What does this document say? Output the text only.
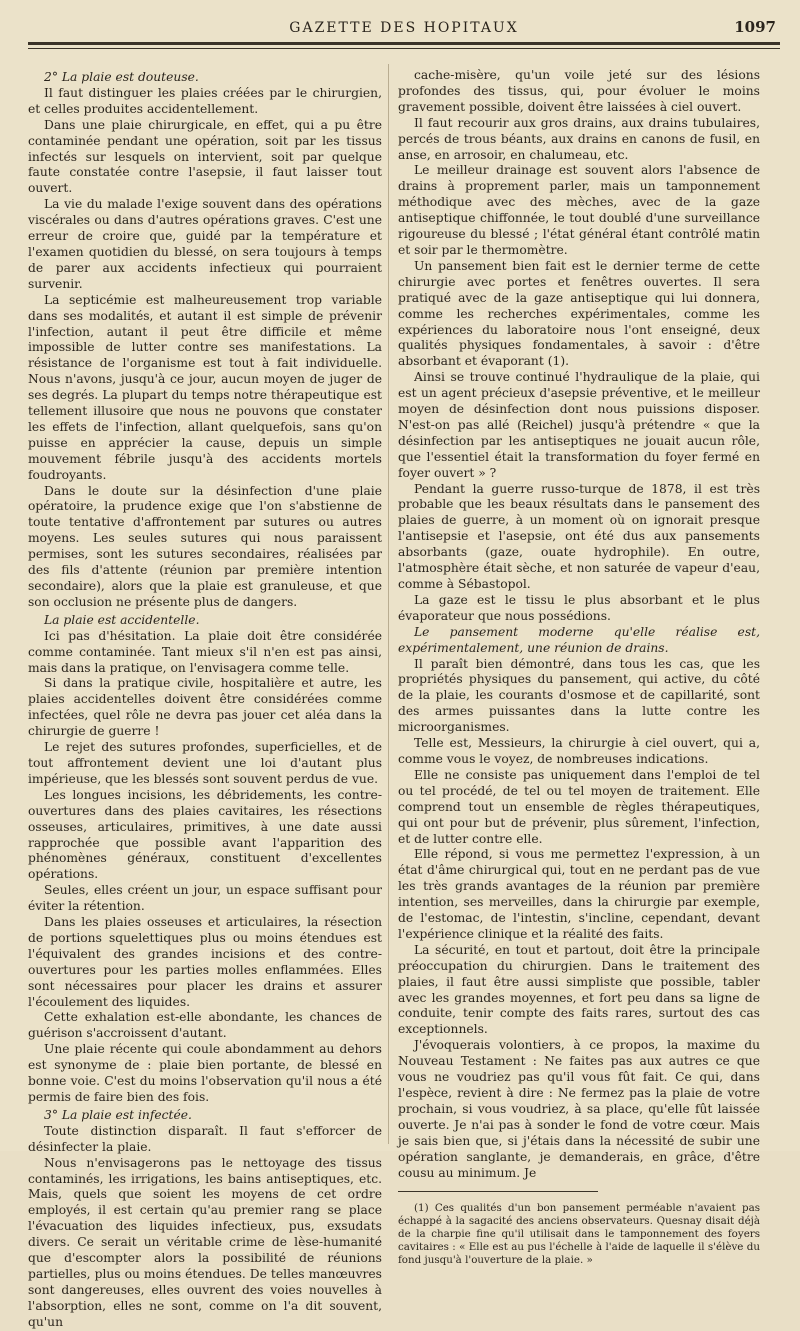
GAZETTE DES HOPITAUX	1097

2° La plaie est douteuse.

Il faut distinguer les plaies créées par le chirurgien, et celles produites accidentellement.

Dans une plaie chirurgicale, en effet, qui a pu être contaminée pendant une opération, soit par les tissus infectés sur lesquels on intervient, soit par quelque faute constatée contre l'asepsie, il faut laisser tout ouvert.

La vie du malade l'exige souvent dans des opérations viscérales ou dans d'autres opérations graves. C'est une erreur de croire que, guidé par la température et l'examen quotidien du blessé, on sera toujours à temps de parer aux accidents infectieux qui pourraient survenir.

La septicémie est malheureusement trop variable dans ses modalités, et autant il est simple de prévenir l'infection, autant il peut être difficile et même impossible de lutter contre ses manifestations. La résistance de l'organisme est tout à fait individuelle. Nous n'avons, jusqu'à ce jour, aucun moyen de juger de ses degrés. La plupart du temps notre thérapeutique est tellement illusoire que nous ne pouvons que constater les effets de l'infection, allant quelquefois, sans qu'on puisse en apprécier la cause, depuis un simple mouvement fébrile jusqu'à des accidents mortels foudroyants.

Dans le doute sur la désinfection d'une plaie opératoire, la prudence exige que l'on s'abstienne de toute tentative d'affrontement par sutures ou autres moyens. Les seules sutures qui nous paraissent permises, sont les sutures secondaires, réalisées par des fils d'attente (réunion par première intention secondaire), alors que la plaie est granuleuse, et que son occlusion ne présente plus de dangers.

La plaie est accidentelle.

Ici pas d'hésitation. La plaie doit être considérée comme contaminée. Tant mieux s'il n'en est pas ainsi, mais dans la pratique, on l'envisagera comme telle.

Si dans la pratique civile, hospitalière et autre, les plaies accidentelles doivent être considérées comme infectées, quel rôle ne devra pas jouer cet aléa dans la chirurgie de guerre !

Le rejet des sutures profondes, superficielles, et de tout affrontement devient une loi d'autant plus impérieuse, que les blessés sont souvent perdus de vue.

Les longues incisions, les débridements, les contre-ouvertures dans des plaies cavitaires, les résections osseuses, articulaires, primitives, à une date aussi rapprochée que possible avant l'apparition des phénomènes généraux, constituent d'excellentes opérations.

Seules, elles créent un jour, un espace suffisant pour éviter la rétention.

Dans les plaies osseuses et articulaires, la résection de portions squelettiques plus ou moins étendues est l'équivalent des grandes incisions et des contre-ouvertures pour les parties molles enflammées. Elles sont nécessaires pour placer les drains et assurer l'écoulement des liquides.

Cette exhalation est-elle abondante, les chances de guérison s'accroissent d'autant.

Une plaie récente qui coule abondamment au dehors est synonyme de : plaie bien portante, de blessé en bonne voie. C'est du moins l'observation qu'il nous a été permis de faire bien des fois.

3° La plaie est infectée.

Toute distinction disparaît. Il faut s'efforcer de désinfecter la plaie.

Nous n'envisagerons pas le nettoyage des tissus contaminés, les irrigations, les bains antiseptiques, etc. Mais, quels que soient les moyens de cet ordre employés, il est certain qu'au premier rang se place l'évacuation des liquides infectieux, pus, exsudats divers. Ce serait un véritable crime de lèse-humanité que d'escompter alors la possibilité de réunions partielles, plus ou moins étendues. De telles manœuvres sont dangereuses, elles ouvrent des voies nouvelles à l'absorption, elles ne sont, comme on l'a dit souvent, qu'un

cache-misère, qu'un voile jeté sur des lésions profondes des tissus, qui, pour évoluer le moins gravement possible, doivent être laissées à ciel ouvert.

Il faut recourir aux gros drains, aux drains tubulaires, percés de trous béants, aux drains en canons de fusil, en anse, en arrosoir, en chalumeau, etc.

Le meilleur drainage est souvent alors l'absence de drains à proprement parler, mais un tamponnement méthodique avec des mèches, avec de la gaze antiseptique chiffonnée, le tout doublé d'une surveillance rigoureuse du blessé ; l'état général étant contrôlé matin et soir par le thermomètre.

Un pansement bien fait est le dernier terme de cette chirurgie avec portes et fenêtres ouvertes. Il sera pratiqué avec de la gaze antiseptique qui lui donnera, comme les recherches expérimentales, comme les expériences du laboratoire nous l'ont enseigné, deux qualités physiques fondamentales, à savoir : d'être absorbant et évaporant (1).

Ainsi se trouve continué l'hydraulique de la plaie, qui est un agent précieux d'asepsie préventive, et le meilleur moyen de désinfection dont nous puissions disposer. N'est-on pas allé (Reichel) jusqu'à prétendre « que la désinfection par les antiseptiques ne jouait aucun rôle, que l'essentiel était la transformation du foyer fermé en foyer ouvert » ?

Pendant la guerre russo-turque de 1878, il est très probable que les beaux résultats dans le pansement des plaies de guerre, à un moment où on ignorait presque l'antisepsie et l'asepsie, ont été dus aux pansements absorbants (gaze, ouate hydrophile). En outre, l'atmosphère était sèche, et non saturée de vapeur d'eau, comme à Sébastopol.

La gaze est le tissu le plus absorbant et le plus évaporateur que nous possédions.

Le pansement moderne qu'elle réalise est, expérimentalement, une réunion de drains.

Il paraît bien démontré, dans tous les cas, que les propriétés physiques du pansement, qui active, du côté de la plaie, les courants d'osmose et de capillarité, sont des armes puissantes dans la lutte contre les microorganismes.

Telle est, Messieurs, la chirurgie à ciel ouvert, qui a, comme vous le voyez, de nombreuses indications.

Elle ne consiste pas uniquement dans l'emploi de tel ou tel procédé, de tel ou tel moyen de traitement. Elle comprend tout un ensemble de règles thérapeutiques, qui ont pour but de prévenir, plus sûrement, l'infection, et de lutter contre elle.

Elle répond, si vous me permettez l'expression, à un état d'âme chirurgical qui, tout en ne perdant pas de vue les très grands avantages de la réunion par première intention, ses merveilles, dans la chirurgie par exemple, de l'estomac, de l'intestin, s'incline, cependant, devant l'expérience clinique et la réalité des faits.

La sécurité, en tout et partout, doit être la principale préoccupation du chirurgien. Dans le traitement des plaies, il faut être aussi simpliste que possible, tabler avec les grandes moyennes, et fort peu dans sa ligne de conduite, tenir compte des faits rares, surtout des cas exceptionnels.

J'évoquerais volontiers, à ce propos, la maxime du Nouveau Testament : Ne faites pas aux autres ce que vous ne voudriez pas qu'il vous fût fait. Ce qui, dans l'espèce, revient à dire : Ne fermez pas la plaie de votre prochain, si vous voudriez, à sa place, qu'elle fût laissée ouverte. Je n'ai pas à sonder le fond de votre cœur. Mais je sais bien que, si j'étais dans la nécessité de subir une opération sanglante, je demanderais, en grâce, d'être cousu au minimum. Je

(1) Ces qualités d'un bon pansement perméable n'avaient pas échappé à la sagacité des anciens observateurs. Quesnay disait déjà de la charpie fine qu'il utilisait dans le tamponnement des foyers cavitaires : « Elle est au pus l'échelle à l'aide de laquelle il s'élève du fond jusqu'à l'ouverture de la plaie. »
